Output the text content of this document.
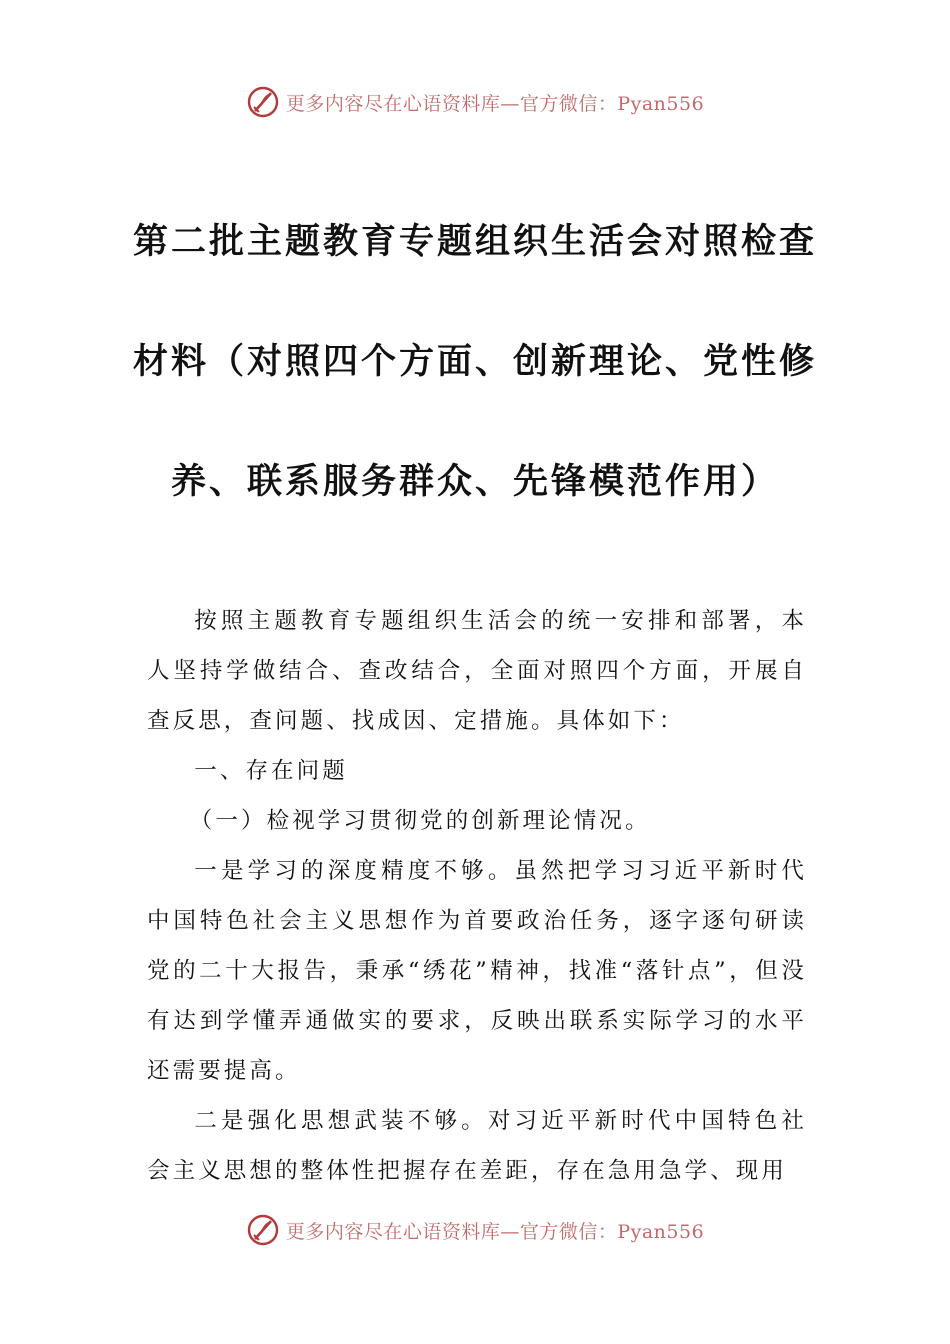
更多内容尽在心语资料库—官方微信：Pyan556
第二批主题教育专题组织生活会对照检查
材料（对照四个方面、创新理论、党性修
养、联系服务群众、先锋模范作用）

按照主题教育专题组织生活会的统一安排和部署，本人坚持学做结合、查改结合，全面对照四个方面，开展自查反思，查问题、找成因、定措施。具体如下：

一、存在问题

（一）检视学习贯彻党的创新理论情况。

一是学习的深度精度不够。虽然把学习习近平新时代中国特色社会主义思想作为首要政治任务，逐字逐句研读党的二十大报告，秉承“绣花”精神，找准“落针点”，但没有达到学懂弄通做实的要求，反映出联系实际学习的水平还需要提高。

二是强化思想武装不够。对习近平新时代中国特色社会主义思想的整体性把握存在差距，存在急用急学、现用

更多内容尽在心语资料库—官方微信：Pyan556
